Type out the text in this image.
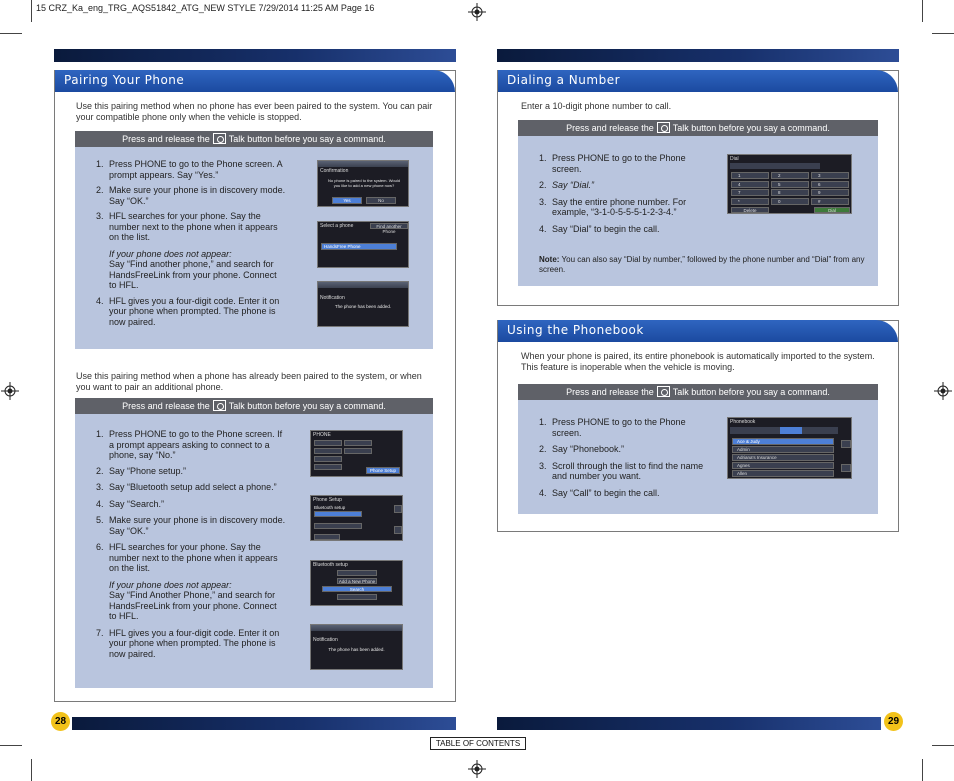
15 CRZ_Ka_eng_TRG_AQS51842_ATG_NEW STYLE 7/29/2014 11:25 AM Page 16
Pairing Your Phone
Use this pairing method when no phone has ever been paired to the system. You can pair your compatible phone only when the vehicle is stopped.
Press and release the Talk button before you say a command.
1. Press PHONE to go to the Phone screen. A prompt appears. Say “Yes.”
2. Make sure your phone is in discovery mode. Say “OK.”
3. HFL searches for your phone. Say the number next to the phone when it appears on the list.
If your phone does not appear:
Say “Find another phone,” and search for HandsFreeLink from your phone. Connect to HFL.
4. HFL gives you a four-digit code. Enter it on your phone when prompted. The phone is now paired.
Confirmation
No phone is paired to the system. Would you like to add a new phone now?
Yes	No
Select a phone	Find another Phone
HandsFree Phone
Notification
The phone has been added.
Use this pairing method when a phone has already been paired to the system, or when you want to pair an additional phone.
Press and release the Talk button before you say a command.
1. Press PHONE to go to the Phone screen. If a prompt appears asking to connect to a phone, say “No.”
2. Say “Phone setup.”
3. Say “Bluetooth setup add select a phone.”
4. Say “Search.”
5. Make sure your phone is in discovery mode. Say “OK.”
6. HFL searches for your phone. Say the number next to the phone when it appears on the list.
If your phone does not appear:
Say “Find Another Phone,” and search for HandsFreeLink from your phone. Connect to HFL.
7. HFL gives you a four-digit code. Enter it on your phone when prompted. The phone is now paired.
PHONE
Phone Setup
Phone Setup
Bluetooth setup
Bluetooth setup
Add a New Phone
Search
Notification
The phone has been added.
Dialing a Number
Enter a 10-digit phone number to call.
Press and release the Talk button before you say a command.
1. Press PHONE to go to the Phone screen.
2. Say “Dial.”
3. Say the entire phone number. For example, “3-1-0-5-5-5-1-2-3-4.”
4. Say “Dial” to begin the call.
Note: You can also say “Dial by number,” followed by the phone number and “Dial” from any screen.
Dial
1	2	3
4	5	6
7	8	9
*	0	#
Delete	Dial
Using the Phonebook
When your phone is paired, its entire phonebook is automatically imported to the system. This feature is inoperable when the vehicle is moving.
Press and release the Talk button before you say a command.
1. Press PHONE to go to the Phone screen.
2. Say “Phonebook.”
3. Scroll through the list to find the name and number you want.
4. Say “Call” to begin the call.
Phonebook
Ace & Judy
Admin
Adriana's Insurance
Agnes
Allen
28	29
TABLE OF CONTENTS
